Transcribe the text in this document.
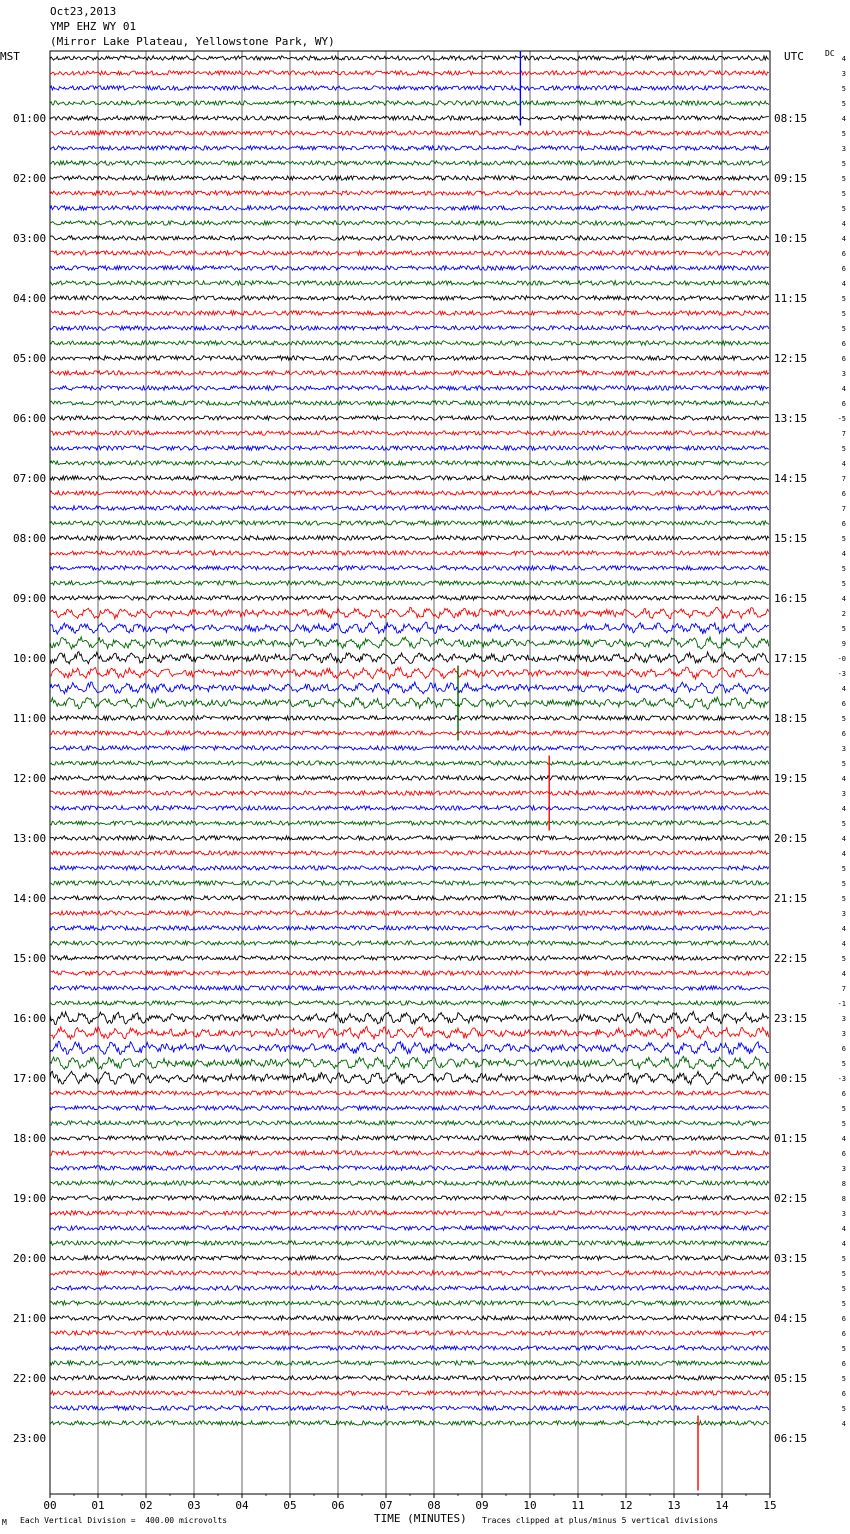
01:00
02:00
03:00
04:00
05:00
06:00
07:00
08:00
09:00
10:00
11:00
12:00
13:00
14:00
15:00
16:00
17:00
18:00
19:00
20:00
21:00
22:00
23:00
08:15
09:15
10:15
11:15
12:15
13:15
14:15
15:15
16:15
17:15
18:15
19:15
20:15
21:15
22:15
23:15
00:15
01:15
02:15
03:15
04:15
05:15
06:15
4
3
5
5
4
5
3
5
5
5
5
4
4
6
6
4
5
5
5
6
6
3
4
6
-5
7
5
4
7
6
7
6
5
4
5
5
4
2
5
9
-0
-3
4
6
5
6
3
5
4
3
4
5
4
4
5
5
5
3
4
4
5
4
7
-1
3
3
6
5
-3
6
5
5
4
6
3
8
8
3
4
4
5
5
5
5
6
6
5
6
5
6
5
4
00	01	02	03	04	05	06	07	08	09	10	11	12	13	14	15
Oct23,2013
YMP EHZ WY 01
(Mirror Lake Plateau, Yellowstone Park, WY)
MST	UTC	DC
M Each Vertical Division =  400.00 microvolts	TIME (MINUTES) Traces clipped at plus/minus 5 vertical divisions
